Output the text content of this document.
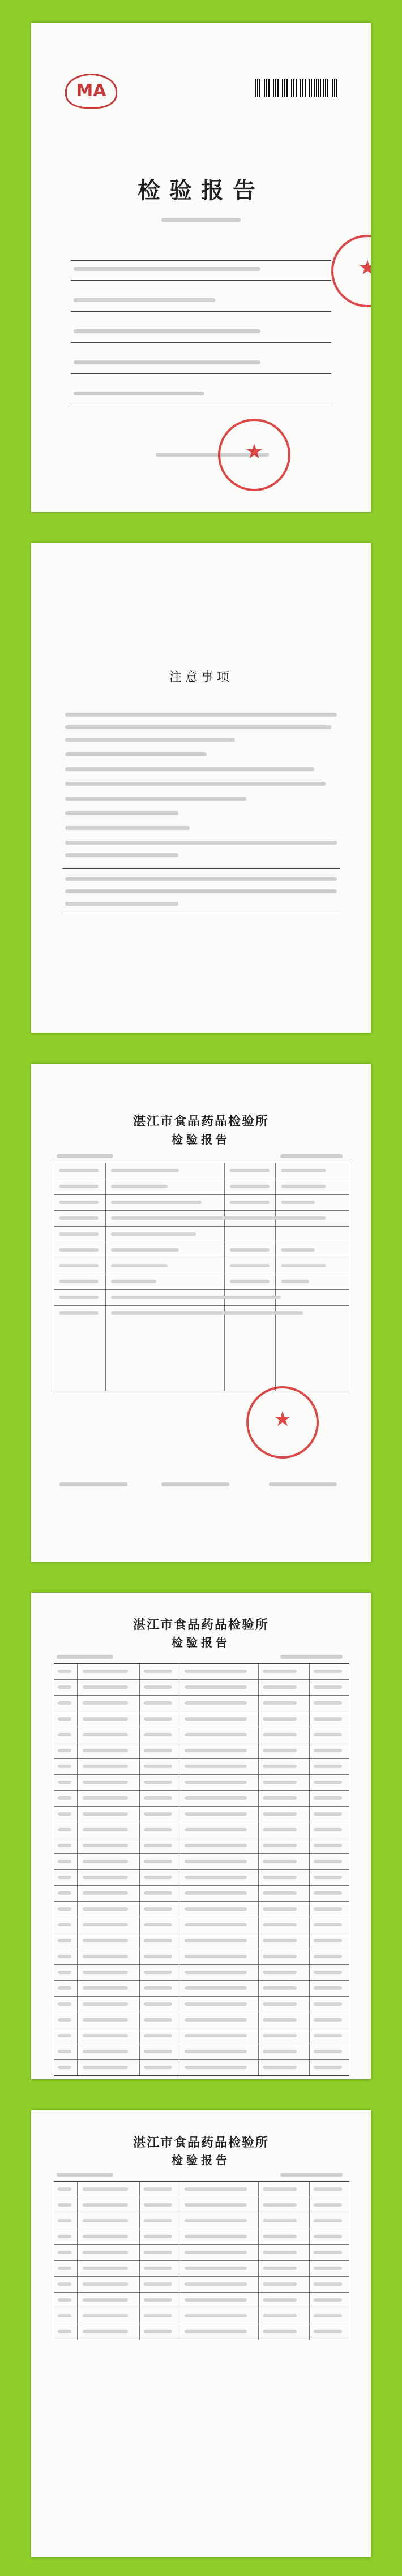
MA
检验报告
★
★
注意事项
湛江市食品药品检验所
检验报告
★
湛江市食品药品检验所
检验报告
湛江市食品药品检验所
检验报告
